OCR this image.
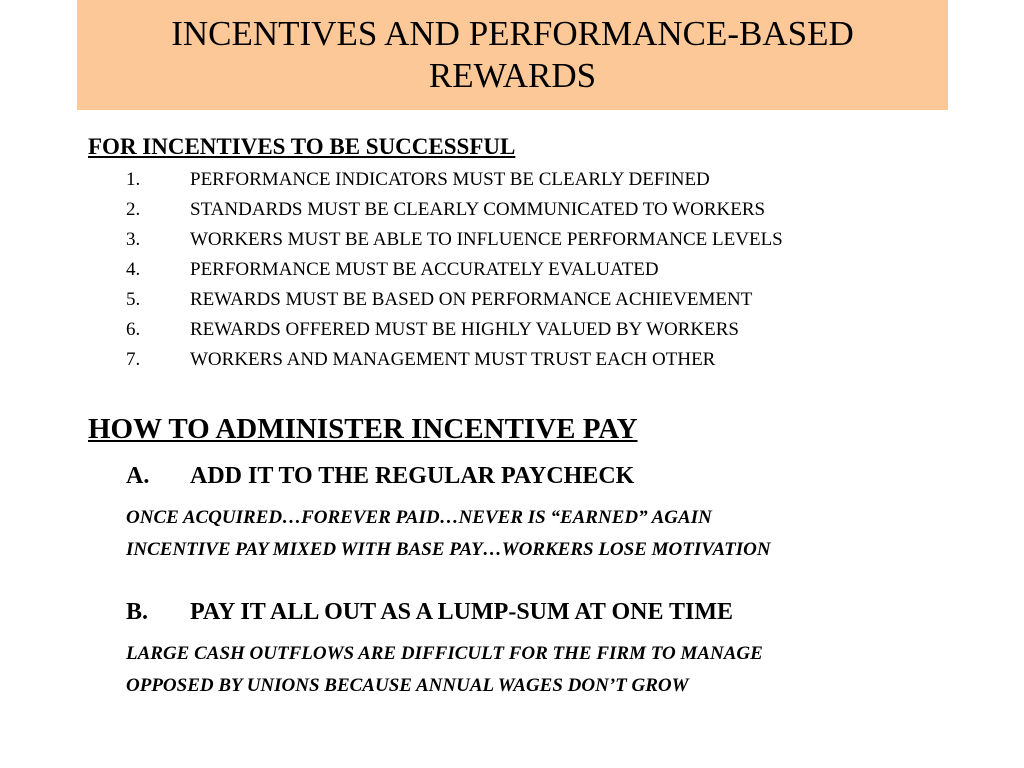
INCENTIVES AND PERFORMANCE-BASED
REWARDS
FOR INCENTIVES TO BE SUCCESSFUL
1.	PERFORMANCE INDICATORS MUST BE CLEARLY DEFINED
2.	STANDARDS MUST BE CLEARLY COMMUNICATED TO WORKERS
3.	WORKERS MUST BE ABLE TO INFLUENCE PERFORMANCE LEVELS
4.	PERFORMANCE MUST BE ACCURATELY EVALUATED
5.	REWARDS MUST BE BASED ON PERFORMANCE ACHIEVEMENT
6.	REWARDS OFFERED MUST BE HIGHLY VALUED BY WORKERS
7.	WORKERS AND MANAGEMENT MUST TRUST EACH OTHER
HOW TO ADMINISTER INCENTIVE PAY
A. ADD IT TO THE REGULAR PAYCHECK
ONCE ACQUIRED…FOREVER PAID…NEVER IS “EARNED” AGAIN
INCENTIVE PAY MIXED WITH BASE PAY…WORKERS LOSE MOTIVATION
B. PAY IT ALL OUT AS A LUMP-SUM AT ONE TIME
LARGE CASH OUTFLOWS ARE DIFFICULT FOR THE FIRM TO MANAGE
OPPOSED BY UNIONS BECAUSE ANNUAL WAGES DON’T GROW
